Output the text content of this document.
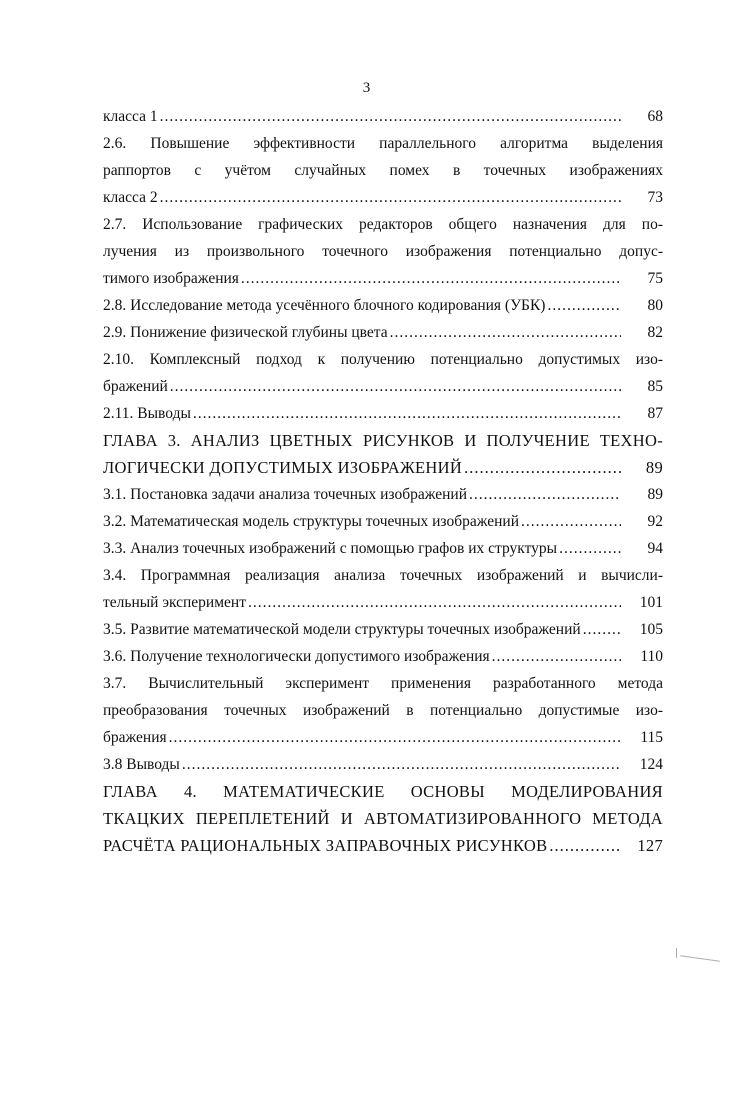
3
класса 1 .....	68
2.6. Повышение эффективности параллельного алгоритма выделения
раппортов с учётом случайных помех в точечных изображениях
класса 2 .....	73
2.7. Использование графических редакторов общего назначения для по-
лучения из произвольного точечного изображения потенциально допус-
тимого изображения .....	75
2.8. Исследование метода усечённого блочного кодирования (УБК) .....	80
2.9. Понижение физической глубины цвета .....	82
2.10. Комплексный подход к получению потенциально допустимых изо-
бражений .....	85
2.11. Выводы .....	87
ГЛАВА 3. АНАЛИЗ ЦВЕТНЫХ РИСУНКОВ И ПОЛУЧЕНИЕ ТЕХНО-
ЛОГИЧЕСКИ ДОПУСТИМЫХ ИЗОБРАЖЕНИЙ .....	89
3.1. Постановка задачи анализа точечных изображений .....	89
3.2. Математическая модель структуры точечных изображений .....	92
3.3. Анализ точечных изображений с помощью графов их структуры .....	94
3.4. Программная реализация анализа точечных изображений и вычисли-
тельный эксперимент .....	101
3.5. Развитие математической модели структуры точечных изображений .....	105
3.6. Получение технологически допустимого изображения .....	110
3.7. Вычислительный эксперимент применения разработанного метода
преобразования точечных изображений в потенциально допустимые изо-
бражения .....	115
3.8 Выводы .....	124
ГЛАВА 4. МАТЕМАТИЧЕСКИЕ ОСНОВЫ МОДЕЛИРОВАНИЯ
ТКАЦКИХ ПЕРЕПЛЕТЕНИЙ И АВТОМАТИЗИРОВАННОГО МЕТОДА
РАСЧЁТА РАЦИОНАЛЬНЫХ ЗАПРАВОЧНЫХ РИСУНКОВ .....	127
